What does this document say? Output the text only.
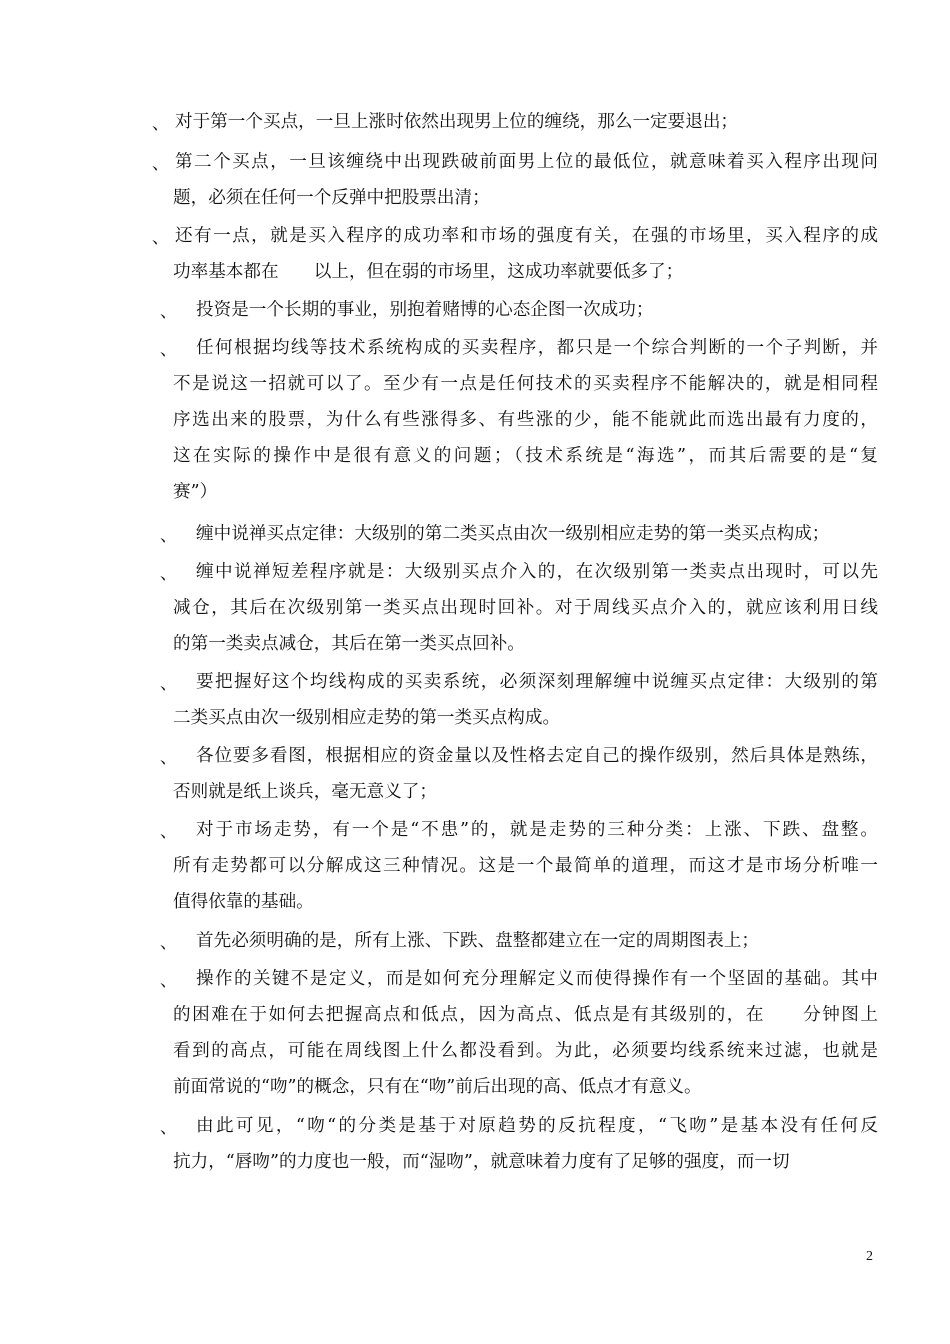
、 对于第一个买点，一旦上涨时依然出现男上位的缠绕，那么一定要退出；
、 第二个买点，一旦该缠绕中出现跌破前面男上位的最低位，就意味着买入程序出现问
题，必须在任何一个反弹中把股票出清；
、 还有一点，就是买入程序的成功率和市场的强度有关，在强的市场里，买入程序的成
功率基本都在　　以上，但在弱的市场里，这成功率就要低多了；
、 投资是一个长期的事业，别抱着赌博的心态企图一次成功；
、 任何根据均线等技术系统构成的买卖程序，都只是一个综合判断的一个子判断，并
不是说这一招就可以了。至少有一点是任何技术的买卖程序不能解决的，就是相同程
序选出来的股票，为什么有些涨得多、有些涨的少，能不能就此而选出最有力度的，
这在实际的操作中是很有意义的问题；（技术系统是“海选”，而其后需要的是“复
赛”）
、 缠中说禅买点定律：大级别的第二类买点由次一级别相应走势的第一类买点构成；
、 缠中说禅短差程序就是：大级别买点介入的，在次级别第一类卖点出现时，可以先
减仓，其后在次级别第一类买点出现时回补。对于周线买点介入的，就应该利用日线
的第一类卖点减仓，其后在第一类买点回补。
、 要把握好这个均线构成的买卖系统，必须深刻理解缠中说缠买点定律：大级别的第
二类买点由次一级别相应走势的第一类买点构成。
、 各位要多看图，根据相应的资金量以及性格去定自己的操作级别，然后具体是熟练，
否则就是纸上谈兵，毫无意义了；
、 对于市场走势，有一个是“不患”的，就是走势的三种分类：上涨、下跌、盘整。
所有走势都可以分解成这三种情况。这是一个最简单的道理，而这才是市场分析唯一
值得依靠的基础。
、 首先必须明确的是，所有上涨、下跌、盘整都建立在一定的周期图表上；
、 操作的关键不是定义，而是如何充分理解定义而使得操作有一个坚固的基础。其中
的困难在于如何去把握高点和低点，因为高点、低点是有其级别的，在　　分钟图上
看到的高点，可能在周线图上什么都没看到。为此，必须要均线系统来过滤，也就是
前面常说的“吻”的概念，只有在“吻”前后出现的高、低点才有意义。
、 由此可见，“吻“的分类是基于对原趋势的反抗程度，“飞吻”是基本没有任何反
抗力，“唇吻”的力度也一般，而“湿吻”，就意味着力度有了足够的强度，而一切
2
